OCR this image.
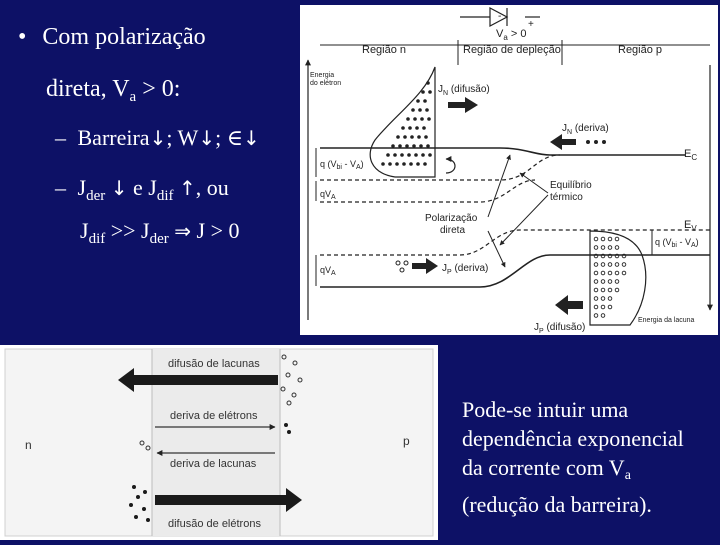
• Com polarização
direta, $V_a > 0$:
– Barreira↓; W↓; ∈↓
– $J_{der}$ ↓ e $J_{dif}$ ↑, ou
$J_{dif} >> J_{der}$ ⇒ J > 0
-
+
$V_a > 0$
Região n	Região de depleção	Região p
Energia
do elétron
$J_N$ (difusão)
$J_N$ (deriva)
$E_C$
q $(V_{bi} - V_A)$
$qV_A$
Equilíbrio
térmico
Polarização
direta	$E_V$
q $(V_{bi} - V_A)$
$qV_A$	$J_P$ (deriva)
$J_P$ (difusão)
Energia da lacuna
difusão de lacunas
deriva de elétrons
deriva de lacunas
difusão de elétrons
n	p
Pode-se intuir uma
dependência exponencial
da corrente com $V_a$
(redução da barreira).
